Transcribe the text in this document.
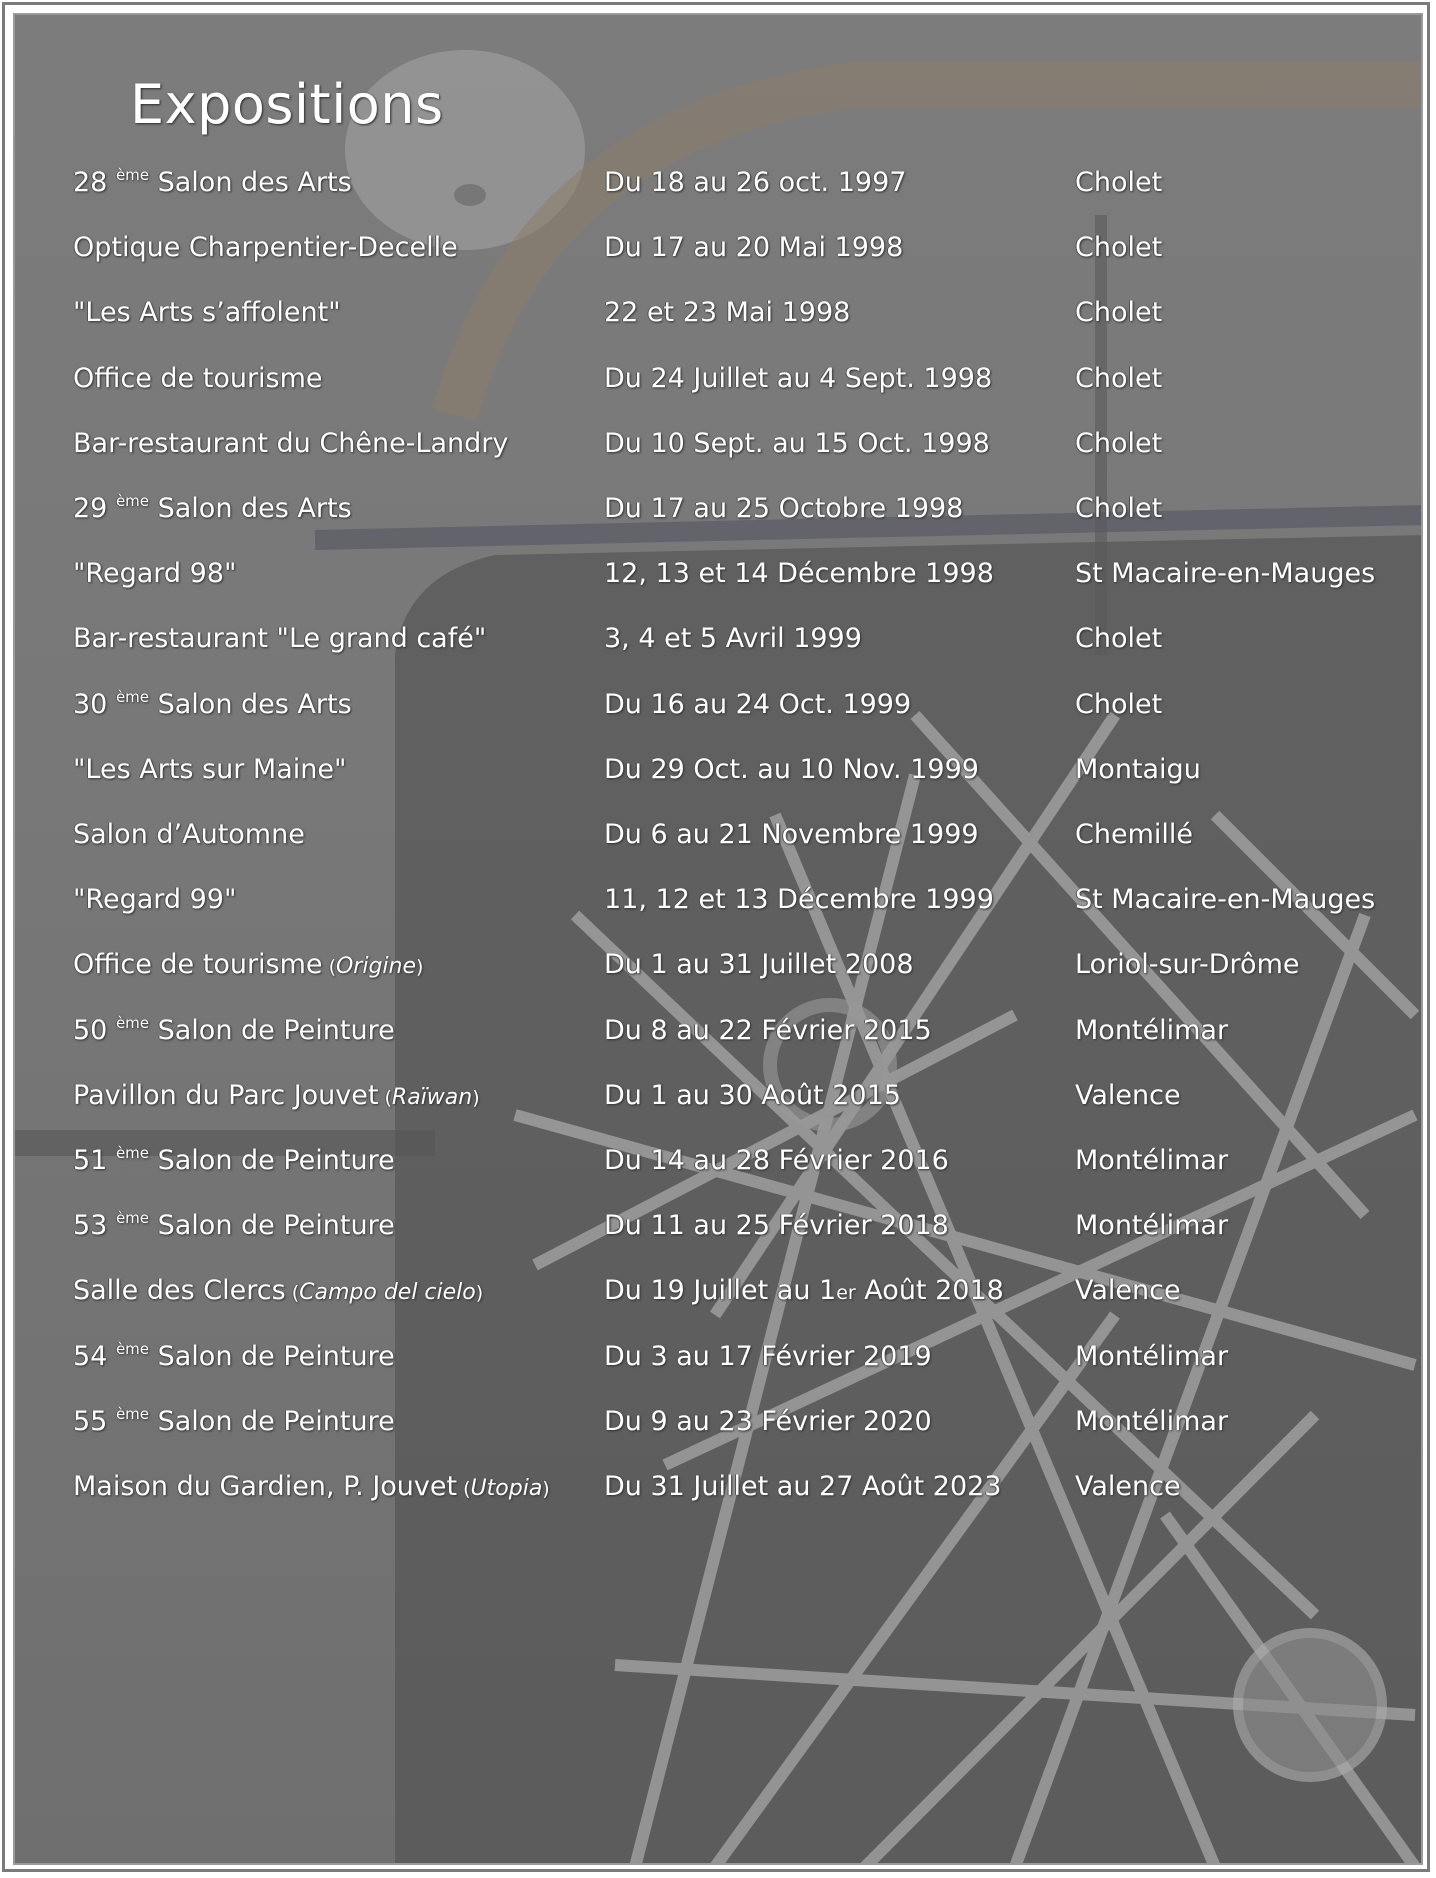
Expositions
28 $^{ème}$ Salon des Arts	Du 18 au 26 oct. 1997	Cholet
Optique Charpentier-Decelle	Du 17 au 20 Mai 1998	Cholet
"Les Arts s’affolent"	22 et 23 Mai 1998	Cholet
Office de tourisme	Du 24 Juillet au 4 Sept. 1998	Cholet
Bar-restaurant du Chêne-Landry	Du 10 Sept. au 15 Oct. 1998	Cholet
29 $^{ème}$ Salon des Arts	Du 17 au 25 Octobre 1998	Cholet
"Regard 98"	12, 13 et 14 Décembre 1998	St Macaire-en-Mauges
Bar-restaurant "Le grand café"	3, 4 et 5 Avril 1999	Cholet
30 $^{ème}$ Salon des Arts	Du 16 au 24 Oct. 1999	Cholet
"Les Arts sur Maine"	Du 29 Oct. au 10 Nov. 1999	Montaigu
Salon d’Automne	Du 6 au 21 Novembre 1999	Chemillé
"Regard 99"	11, 12 et 13 Décembre 1999	St Macaire-en-Mauges
Office de tourisme (Origine)	Du 1 au 31 Juillet 2008	Loriol-sur-Drôme
50 $^{ème}$ Salon de Peinture	Du 8 au 22 Février 2015	Montélimar
Pavillon du Parc Jouvet (Raïwan)	Du 1 au 30 Août 2015	Valence
51 $^{ème}$ Salon de Peinture	Du 14 au 28 Février 2016	Montélimar
53 $^{ème}$ Salon de Peinture	Du 11 au 25 Février 2018	Montélimar
Salle des Clercs (Campo del cielo)	Du 19 Juillet au 1er Août 2018	Valence
54 $^{ème}$ Salon de Peinture	Du 3 au 17 Février 2019	Montélimar
55 $^{ème}$ Salon de Peinture	Du 9 au 23 Février 2020	Montélimar
Maison du Gardien, P. Jouvet (Utopia) Du 31 Juillet au 27 Août 2023	Valence
